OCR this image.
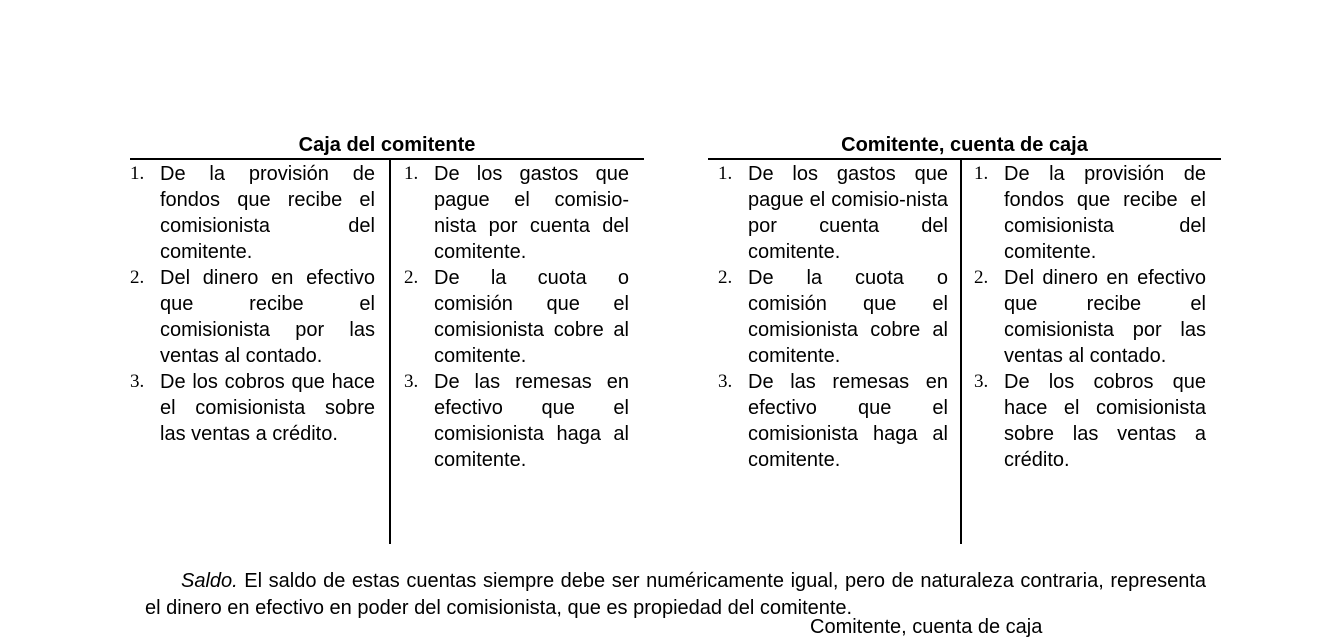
Caja del comitente
1. De la provisión de fondos que recibe el comisionista del comitente.
2. Del dinero en efectivo que recibe el comisionista por las ventas al contado.
3. De los cobros que hace el comisionista sobre las ventas a crédito.
1. De los gastos que pague el comisio-nista por cuenta del comitente.
2. De la cuota o comisión que el comisionista cobre al comitente.
3. De las remesas en efectivo que el comisionista haga al comitente.
Comitente, cuenta de caja
1. De los gastos que pague el comisio-nista por cuenta del comitente.
2. De la cuota o comisión que el comisionista cobre al comitente.
3. De las remesas en efectivo que el comisionista haga al comitente.
1. De la provisión de fondos que recibe el comisionista del comitente.
2. Del dinero en efectivo que recibe el comisionista por las ventas al contado.
3. De los cobros que hace el comisionista sobre las ventas a crédito.

Saldo. El saldo de estas cuentas siempre debe ser numéricamente igual, pero de naturaleza contraria, representa el dinero en efectivo en poder del comisionista, que es propiedad del comitente.

Comitente, cuenta de caja
